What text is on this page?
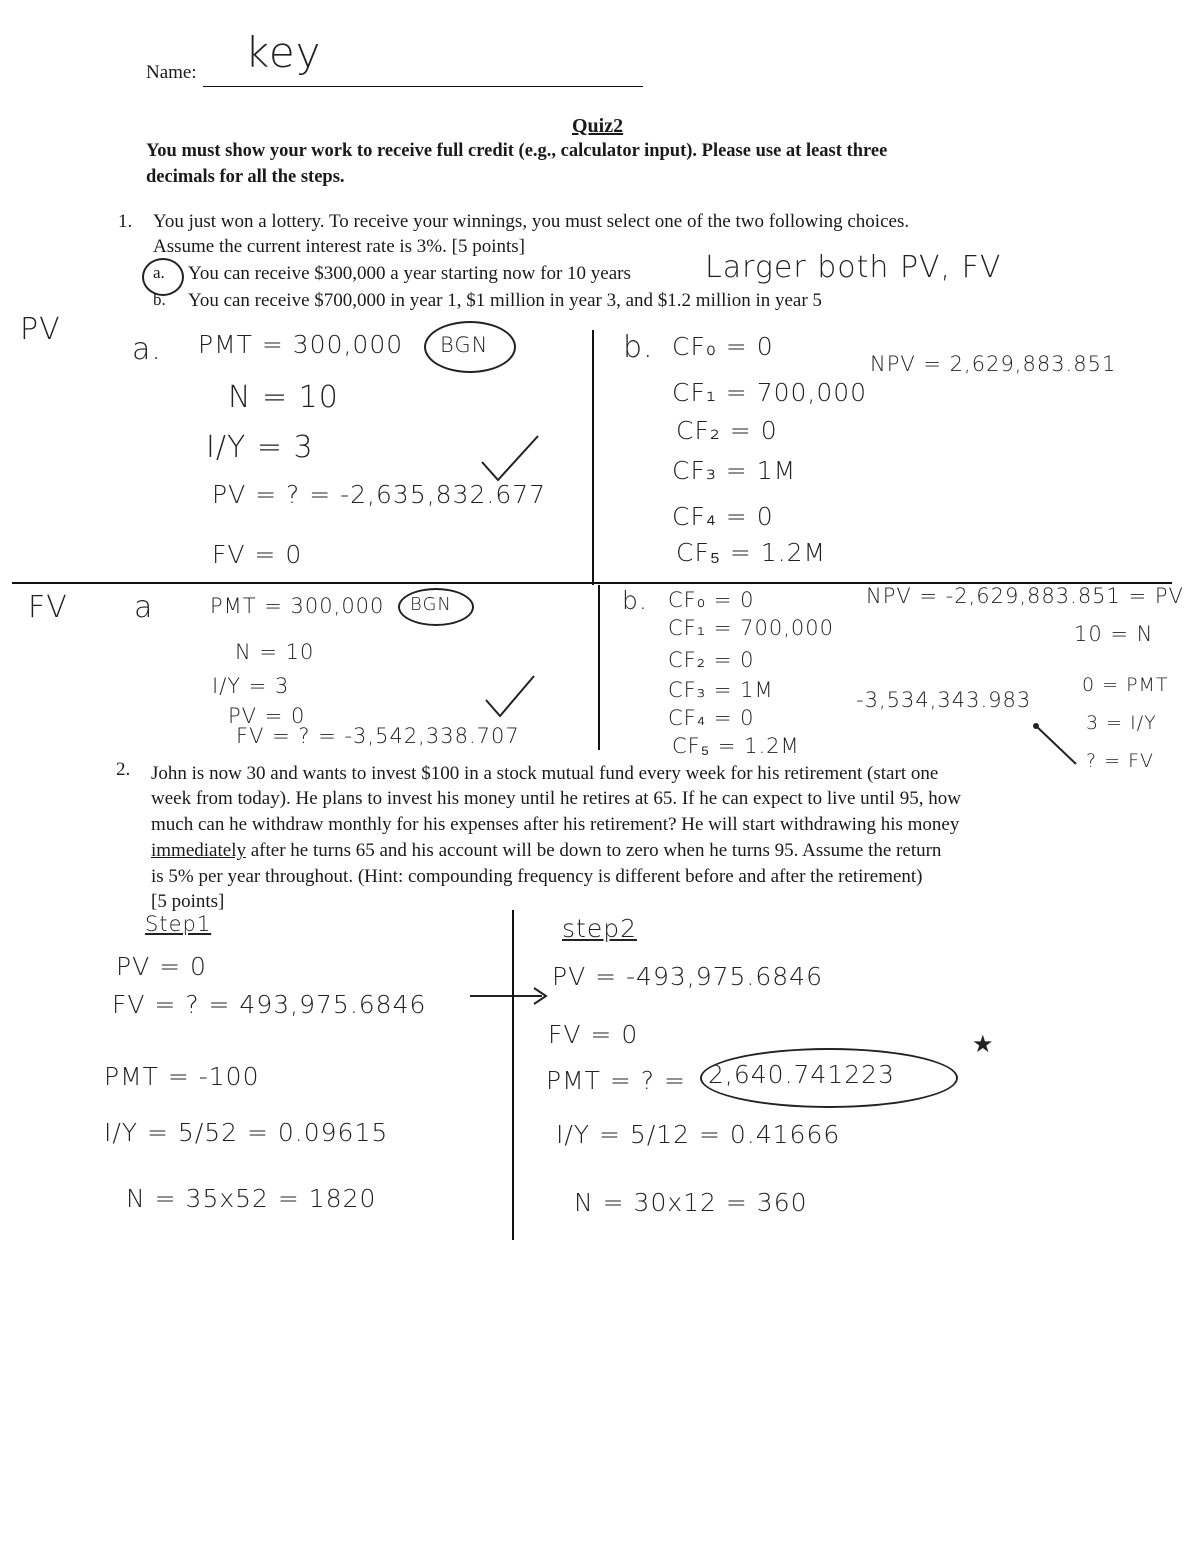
Name: key
Quiz2
You must show your work to receive full credit (e.g., calculator input). Please use at least three
decimals for all the steps.
1. You just won a lottery. To receive your winnings, you must select one of the two following choices.
Assume the current interest rate is 3%. [5 points]
a. You can receive $300,000 a year starting now for 10 years
b. You can receive $700,000 in year 1, $1 million in year 3, and $1.2 million in year 5
Larger both PV, FV
PV
a. PMT = 300,000 BGN
N = 10
I/Y = 3
PV = ? = -2,635,832.677
FV = 0
b. CF₀ = 0
CF₁ = 700,000
CF₂ = 0
CF₃ = 1M
CF₄ = 0
CF₅ = 1.2M
NPV = 2,629,883.851
FV a	PMT = 300,000 BGN
N = 10
I/Y = 3
PV = 0
FV = ? = -3,542,338.707
b. CF₀ = 0
CF₁ = 700,000
CF₂ = 0
CF₃ = 1M
CF₄ = 0
CF₅ = 1.2M
NPV = -2,629,883.851 = PV
10 = N
0 = PMT
3 = I/Y
? = FV
-3,534,343.983
2. John is now 30 and wants to invest $100 in a stock mutual fund every week for his retirement (start one
week from today). He plans to invest his money until he retires at 65. If he can expect to live until 95, how
much can he withdraw monthly for his expenses after his retirement? He will start withdrawing his money
immediately after he turns 65 and his account will be down to zero when he turns 95. Assume the return
is 5% per year throughout. (Hint: compounding frequency is different before and after the retirement)
[5 points]
Step1
PV = 0
FV = ? = 493,975.6846
PMT = -100
I/Y = 5/52 = 0.09615
N = 35x52 = 1820
step2
PV = -493,975.6846
FV = 0
PMT = ? = 2,640.741223
★
I/Y = 5/12 = 0.41666
N = 30x12 = 360
